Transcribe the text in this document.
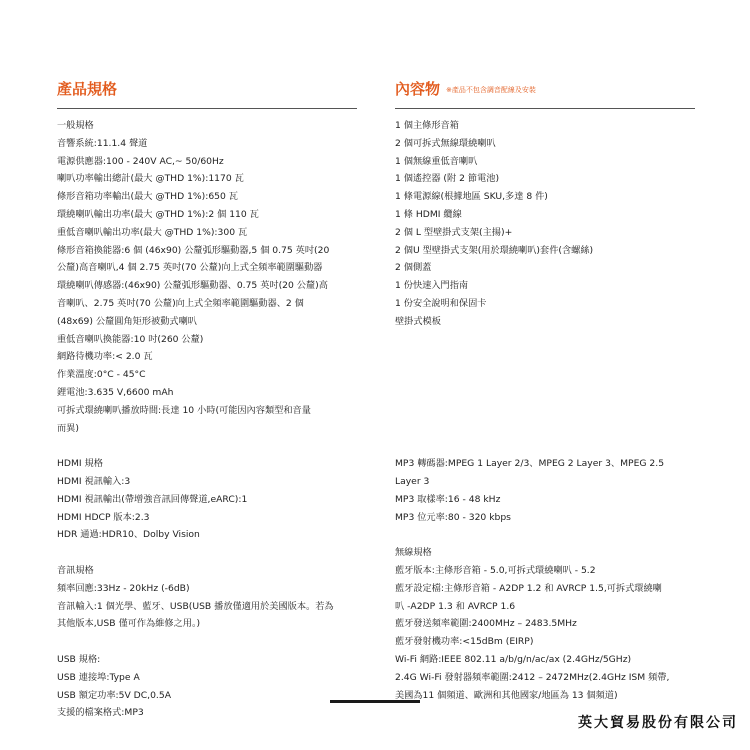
產品規格
一般規格
音響系統:11.1.4 聲道
電源供應器:100 - 240V AC,~ 50/60Hz
喇叭功率輸出總計(最大 @THD 1%):1170 瓦
條形音箱功率輸出(最大 @THD 1%):650 瓦
環繞喇叭輸出功率(最大 @THD 1%):2 個 110 瓦
重低音喇叭輸出功率(最大 @THD 1%):300 瓦
條形音箱換能器:6 個 (46x90) 公釐弧形驅動器,5 個 0.75 英吋(20
公釐)高音喇叭,4 個 2.75 英吋(70 公釐)向上式全頻率範圍驅動器
環繞喇叭傳感器:(46x90) 公釐弧形驅動器、0.75 英吋(20 公釐)高
音喇叭、2.75 英吋(70 公釐)向上式全頻率範圍驅動器、2 個
(48x69) 公釐圓角矩形被動式喇叭
重低音喇叭換能器:10 吋(260 公釐)
網路待機功率:< 2.0 瓦
作業溫度:0°C - 45°C
鋰電池:3.635 V,6600 mAh
可拆式環繞喇叭播放時間:長達 10 小時(可能因內容類型和音量
而異)
HDMI 規格
HDMI 視訊輸入:3
HDMI 視訊輸出(帶增強音訊回傳聲道,eARC):1
HDMI HDCP 版本:2.3
HDR 通過:HDR10、Dolby Vision
音訊規格
頻率回應:33Hz - 20kHz (-6dB)
音訊輸入:1 個光學、藍牙、USB(USB 播放僅適用於美國版本。若為
其他版本,USB 僅可作為維修之用。)
USB 規格:
USB 連接埠:Type A
USB 額定功率:5V DC,0.5A
支援的檔案格式:MP3
內容物 ※產品不包含調音配線及安裝
1 個主條形音箱
2 個可拆式無線環繞喇叭
1 個無線重低音喇叭
1 個遙控器 (附 2 節電池)
1 條電源線(根據地區 SKU,多達 8 件)
1 條 HDMI 纜線
2 個 L 型壁掛式支架(主揚)+
2 個U 型壁掛式支架(用於環繞喇叭)套件(含螺絲)
2 個側蓋
1 份快速入門指南
1 份安全說明和保固卡
壁掛式模板
MP3 轉碼器:MPEG 1 Layer 2/3、MPEG 2 Layer 3、MPEG 2.5
Layer 3
MP3 取樣率:16 - 48 kHz
MP3 位元率:80 - 320 kbps
無線規格
藍牙版本:主條形音箱 - 5.0,可拆式環繞喇叭 - 5.2
藍牙設定檔:主條形音箱 - A2DP 1.2 和 AVRCP 1.5,可拆式環繞喇
叭 -A2DP 1.3 和 AVRCP 1.6
藍牙發送頻率範圍:2400MHz – 2483.5MHz
藍牙發射機功率:<15dBm (EIRP)
Wi-Fi 網路:IEEE 802.11 a/b/g/n/ac/ax (2.4GHz/5GHz)
2.4G Wi-Fi 發射器頻率範圍:2412 – 2472MHz(2.4GHz ISM 頻帶,
美國為11 個頻道、歐洲和其他國家/地區為 13 個頻道)
英大貿易股份有限公司
